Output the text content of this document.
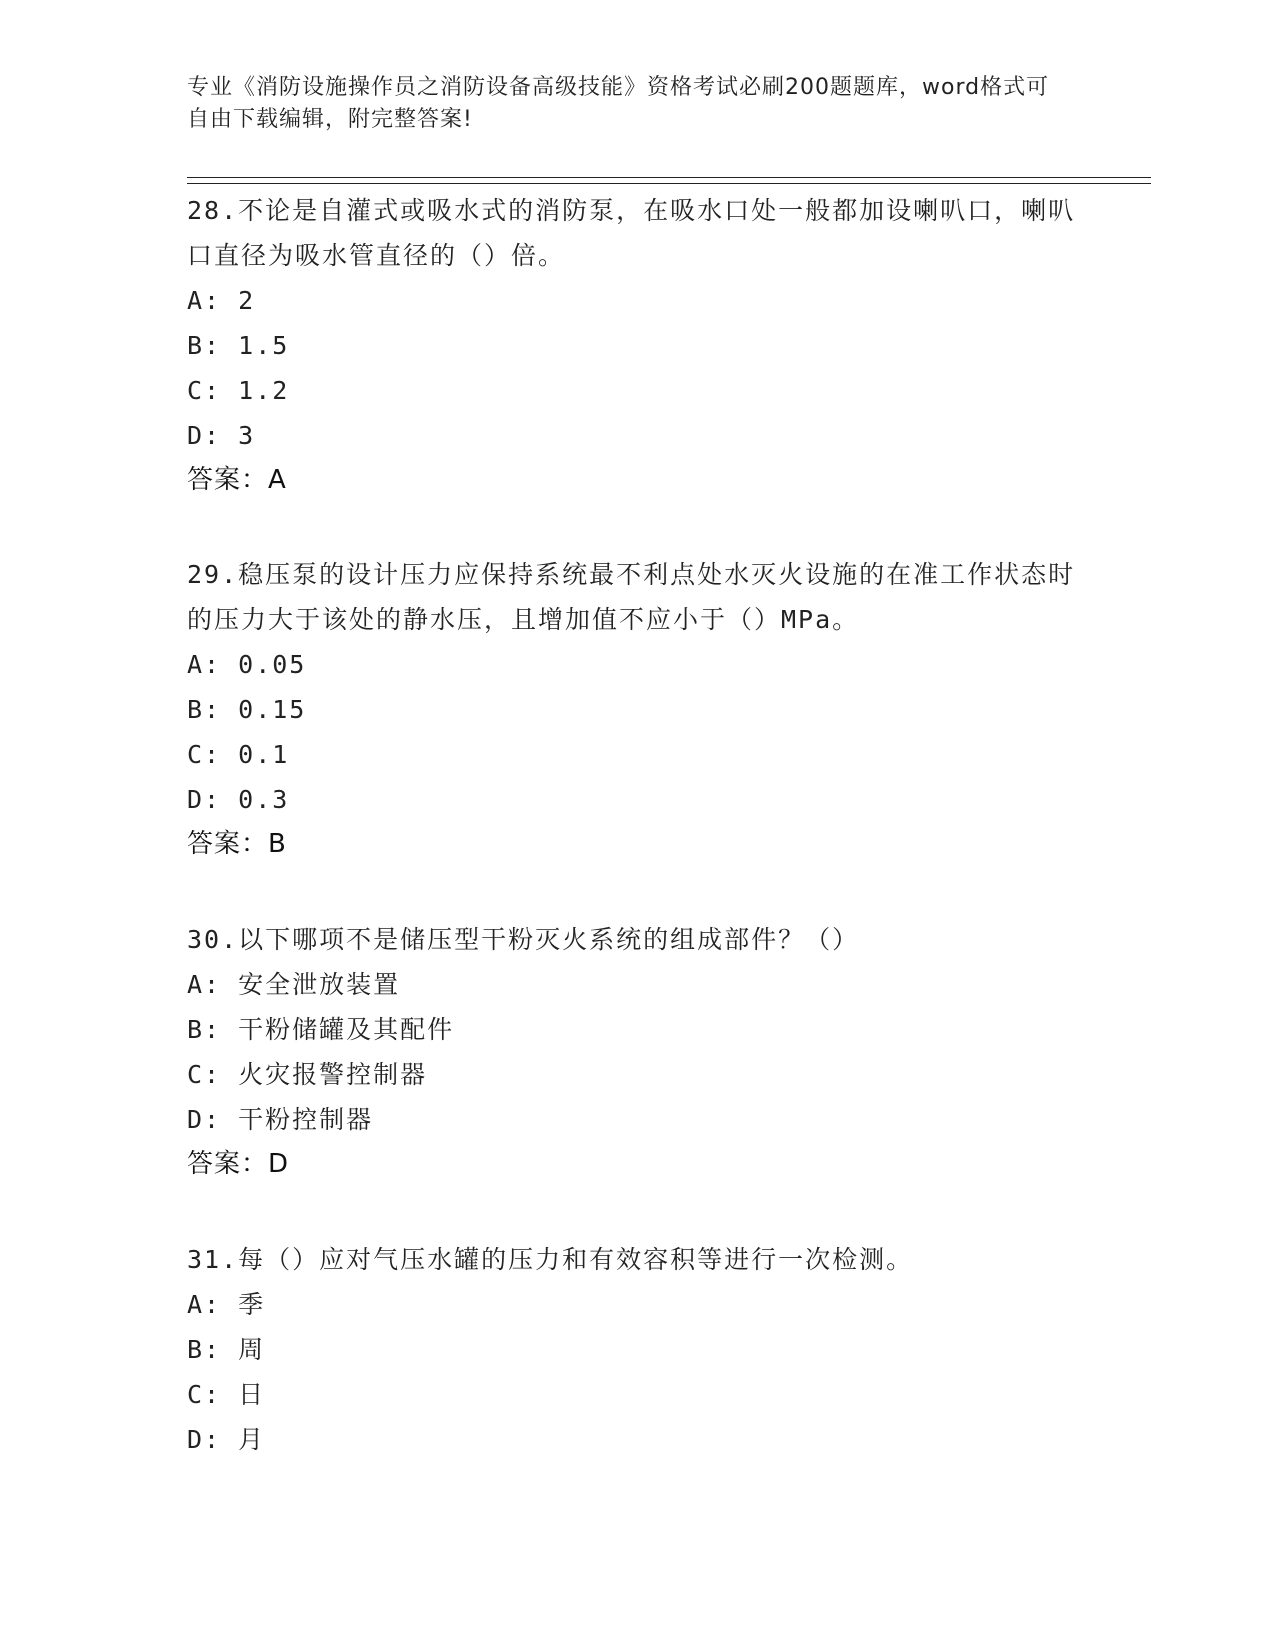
专业《消防设施操作员之消防设备高级技能》资格考试必刷200题题库，word格式可自由下载编辑，附完整答案!

28.不论是自灌式或吸水式的消防泵，在吸水口处一般都加设喇叭口，喇叭口直径为吸水管直径的（）倍。

A: 2

B: 1.5

C: 1.2

D: 3

答案：A

29.稳压泵的设计压力应保持系统最不利点处水灭火设施的在准工作状态时的压力大于该处的静水压，且增加值不应小于（）MPa。

A: 0.05

B: 0.15

C: 0.1

D: 0.3

答案：B

30.以下哪项不是储压型干粉灭火系统的组成部件？（）

A: 安全泄放装置

B: 干粉储罐及其配件

C: 火灾报警控制器

D: 干粉控制器

答案：D

31.每（）应对气压水罐的压力和有效容积等进行一次检测。

A: 季

B: 周

C: 日

D: 月
